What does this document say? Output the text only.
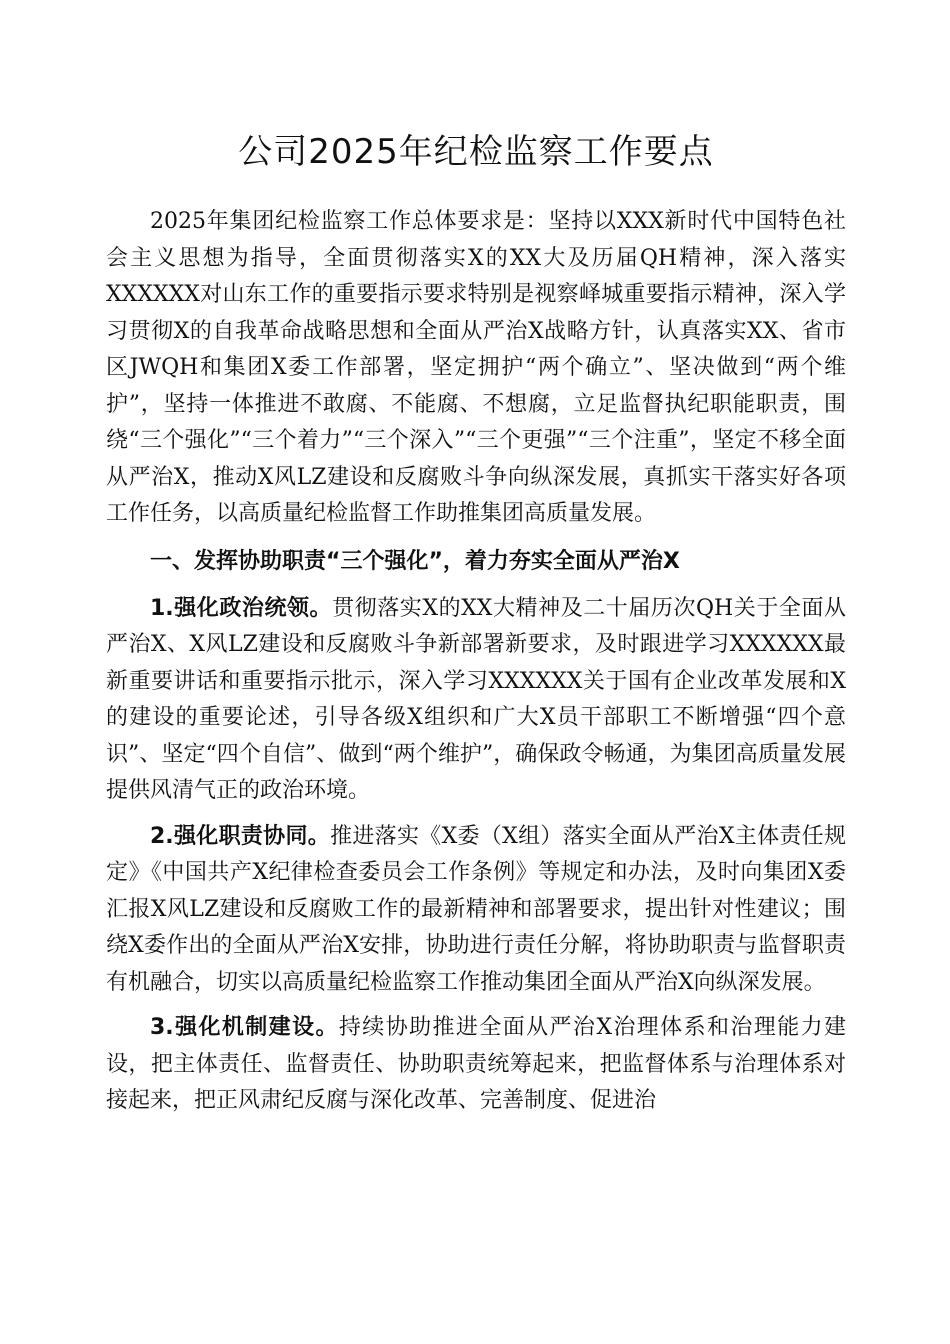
公司2025年纪检监察工作要点

2025年集团纪检监察工作总体要求是：坚持以XXX新时代中国特色社会主义思想为指导，全面贯彻落实X的XX大及历届QH精神，深入落实XXXXXX对山东工作的重要指示要求特别是视察峄城重要指示精神，深入学习贯彻X的自我革命战略思想和全面从严治X战略方针，认真落实XX、省市区JWQH和集团X委工作部署，坚定拥护“两个确立”、坚决做到“两个维护”，坚持一体推进不敢腐、不能腐、不想腐，立足监督执纪职能职责，围绕“三个强化”“三个着力”“三个深入”“三个更强”“三个注重”，坚定不移全面从严治X，推动X风LZ建设和反腐败斗争向纵深发展，真抓实干落实好各项工作任务，以高质量纪检监督工作助推集团高质量发展。

一、发挥协助职责“三个强化”，着力夯实全面从严治X

1.强化政治统领。贯彻落实X的XX大精神及二十届历次QH关于全面从严治X、X风LZ建设和反腐败斗争新部署新要求，及时跟进学习XXXXXX最新重要讲话和重要指示批示，深入学习XXXXXX关于国有企业改革发展和X的建设的重要论述，引导各级X组织和广大X员干部职工不断增强“四个意识”、坚定“四个自信”、做到“两个维护”，确保政令畅通，为集团高质量发展提供风清气正的政治环境。

2.强化职责协同。推进落实《X委（X组）落实全面从严治X主体责任规定》《中国共产X纪律检查委员会工作条例》等规定和办法，及时向集团X委汇报X风LZ建设和反腐败工作的最新精神和部署要求，提出针对性建议；围绕X委作出的全面从严治X安排，协助进行责任分解，将协助职责与监督职责有机融合，切实以高质量纪检监察工作推动集团全面从严治X向纵深发展。

3.强化机制建设。持续协助推进全面从严治X治理体系和治理能力建设，把主体责任、监督责任、协助职责统筹起来，把监督体系与治理体系对接起来，把正风肃纪反腐与深化改革、完善制度、促进治
